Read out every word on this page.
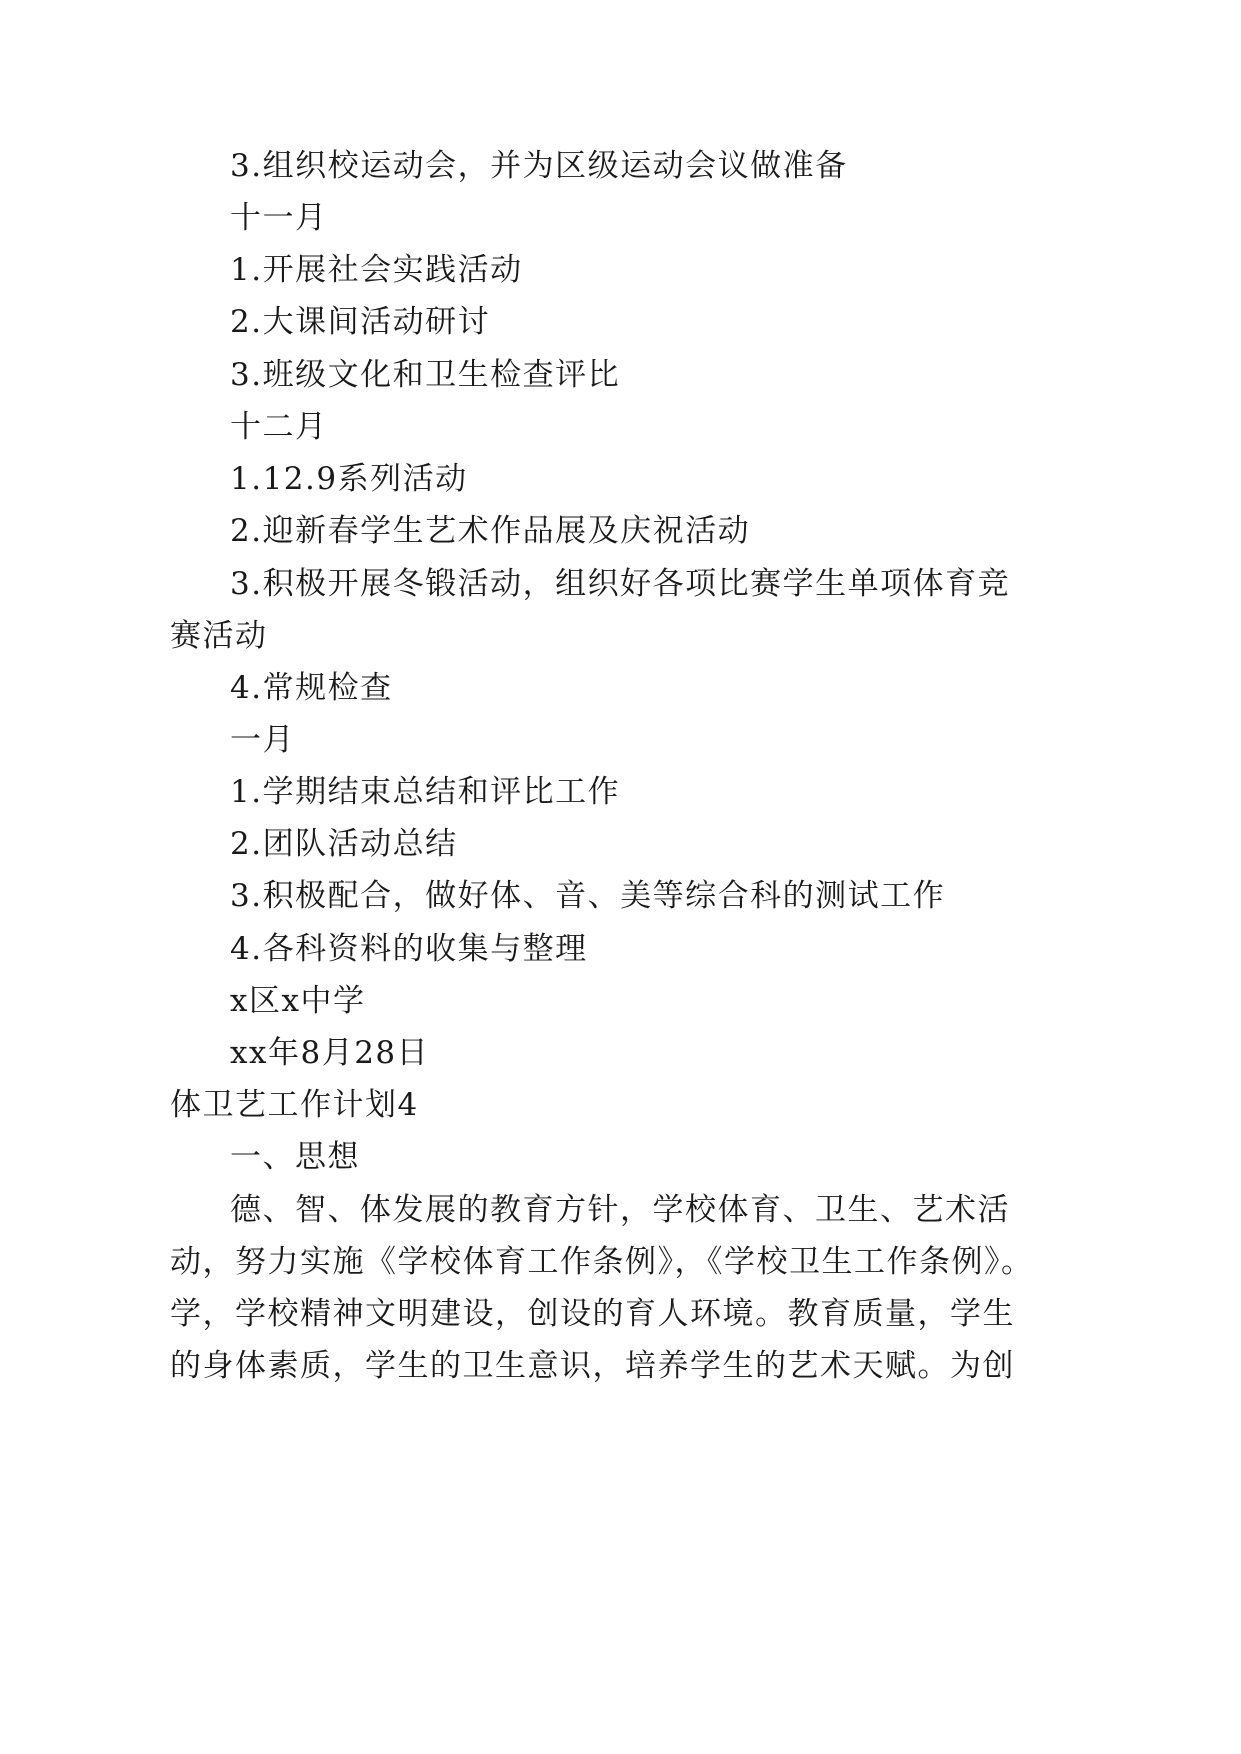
3.组织校运动会，并为区级运动会议做准备
十一月
1.开展社会实践活动
2.大课间活动研讨
3.班级文化和卫生检查评比
十二月
1.12.9系列活动
2.迎新春学生艺术作品展及庆祝活动
3.积极开展冬锻活动，组织好各项比赛学生单项体育竞
赛活动
4.常规检查
一月
1.学期结束总结和评比工作
2.团队活动总结
3.积极配合，做好体、音、美等综合科的测试工作
4.各科资料的收集与整理
x区x中学
xx年8月28日
体卫艺工作计划4
一、思想
德、智、体发展的教育方针，学校体育、卫生、艺术活
动，努力实施《学校体育工作条例》，《学校卫生工作条例》。
学，学校精神文明建设，创设的育人环境。教育质量，学生
的身体素质，学生的卫生意识，培养学生的艺术天赋。为创
